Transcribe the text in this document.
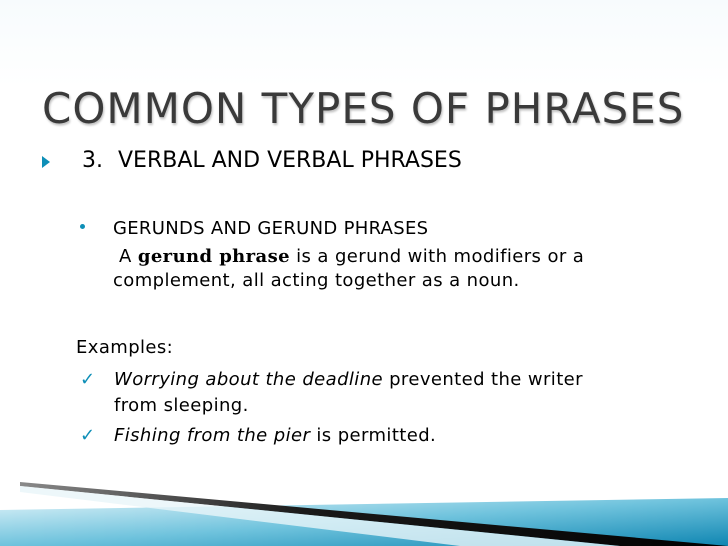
COMMON TYPES OF PHRASES
3. VERBAL AND VERBAL PHRASES
GERUNDS AND GERUND PHRASES
A gerund phrase is a gerund with modifiers or a
complement, all acting together as a noun.
Examples:
✓ Worrying about the deadline prevented the writer
from sleeping.
✓ Fishing from the pier is permitted.
